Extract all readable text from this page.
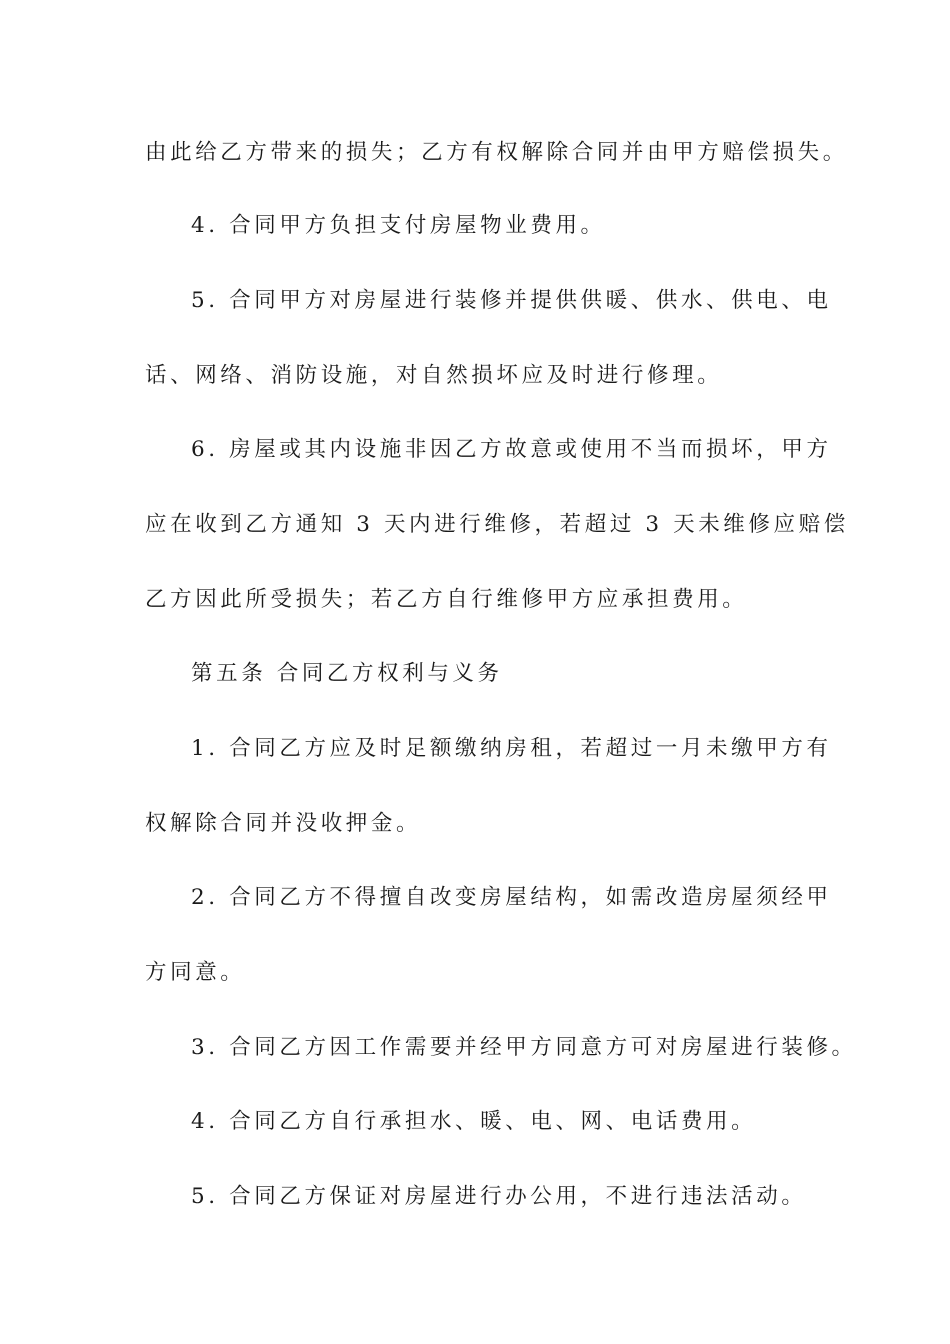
由此给乙方带来的损失；乙方有权解除合同并由甲方赔偿损失。
4. 合同甲方负担支付房屋物业费用。
5. 合同甲方对房屋进行装修并提供供暖、供水、供电、电
话、网络、消防设施，对自然损坏应及时进行修理。
6. 房屋或其内设施非因乙方故意或使用不当而损坏，甲方
应在收到乙方通知 3 天内进行维修，若超过 3 天未维修应赔偿
乙方因此所受损失；若乙方自行维修甲方应承担费用。
第五条 合同乙方权利与义务
1. 合同乙方应及时足额缴纳房租，若超过一月未缴甲方有
权解除合同并没收押金。
2. 合同乙方不得擅自改变房屋结构，如需改造房屋须经甲
方同意。
3. 合同乙方因工作需要并经甲方同意方可对房屋进行装修。
4. 合同乙方自行承担水、暖、电、网、电话费用。
5. 合同乙方保证对房屋进行办公用，不进行违法活动。
